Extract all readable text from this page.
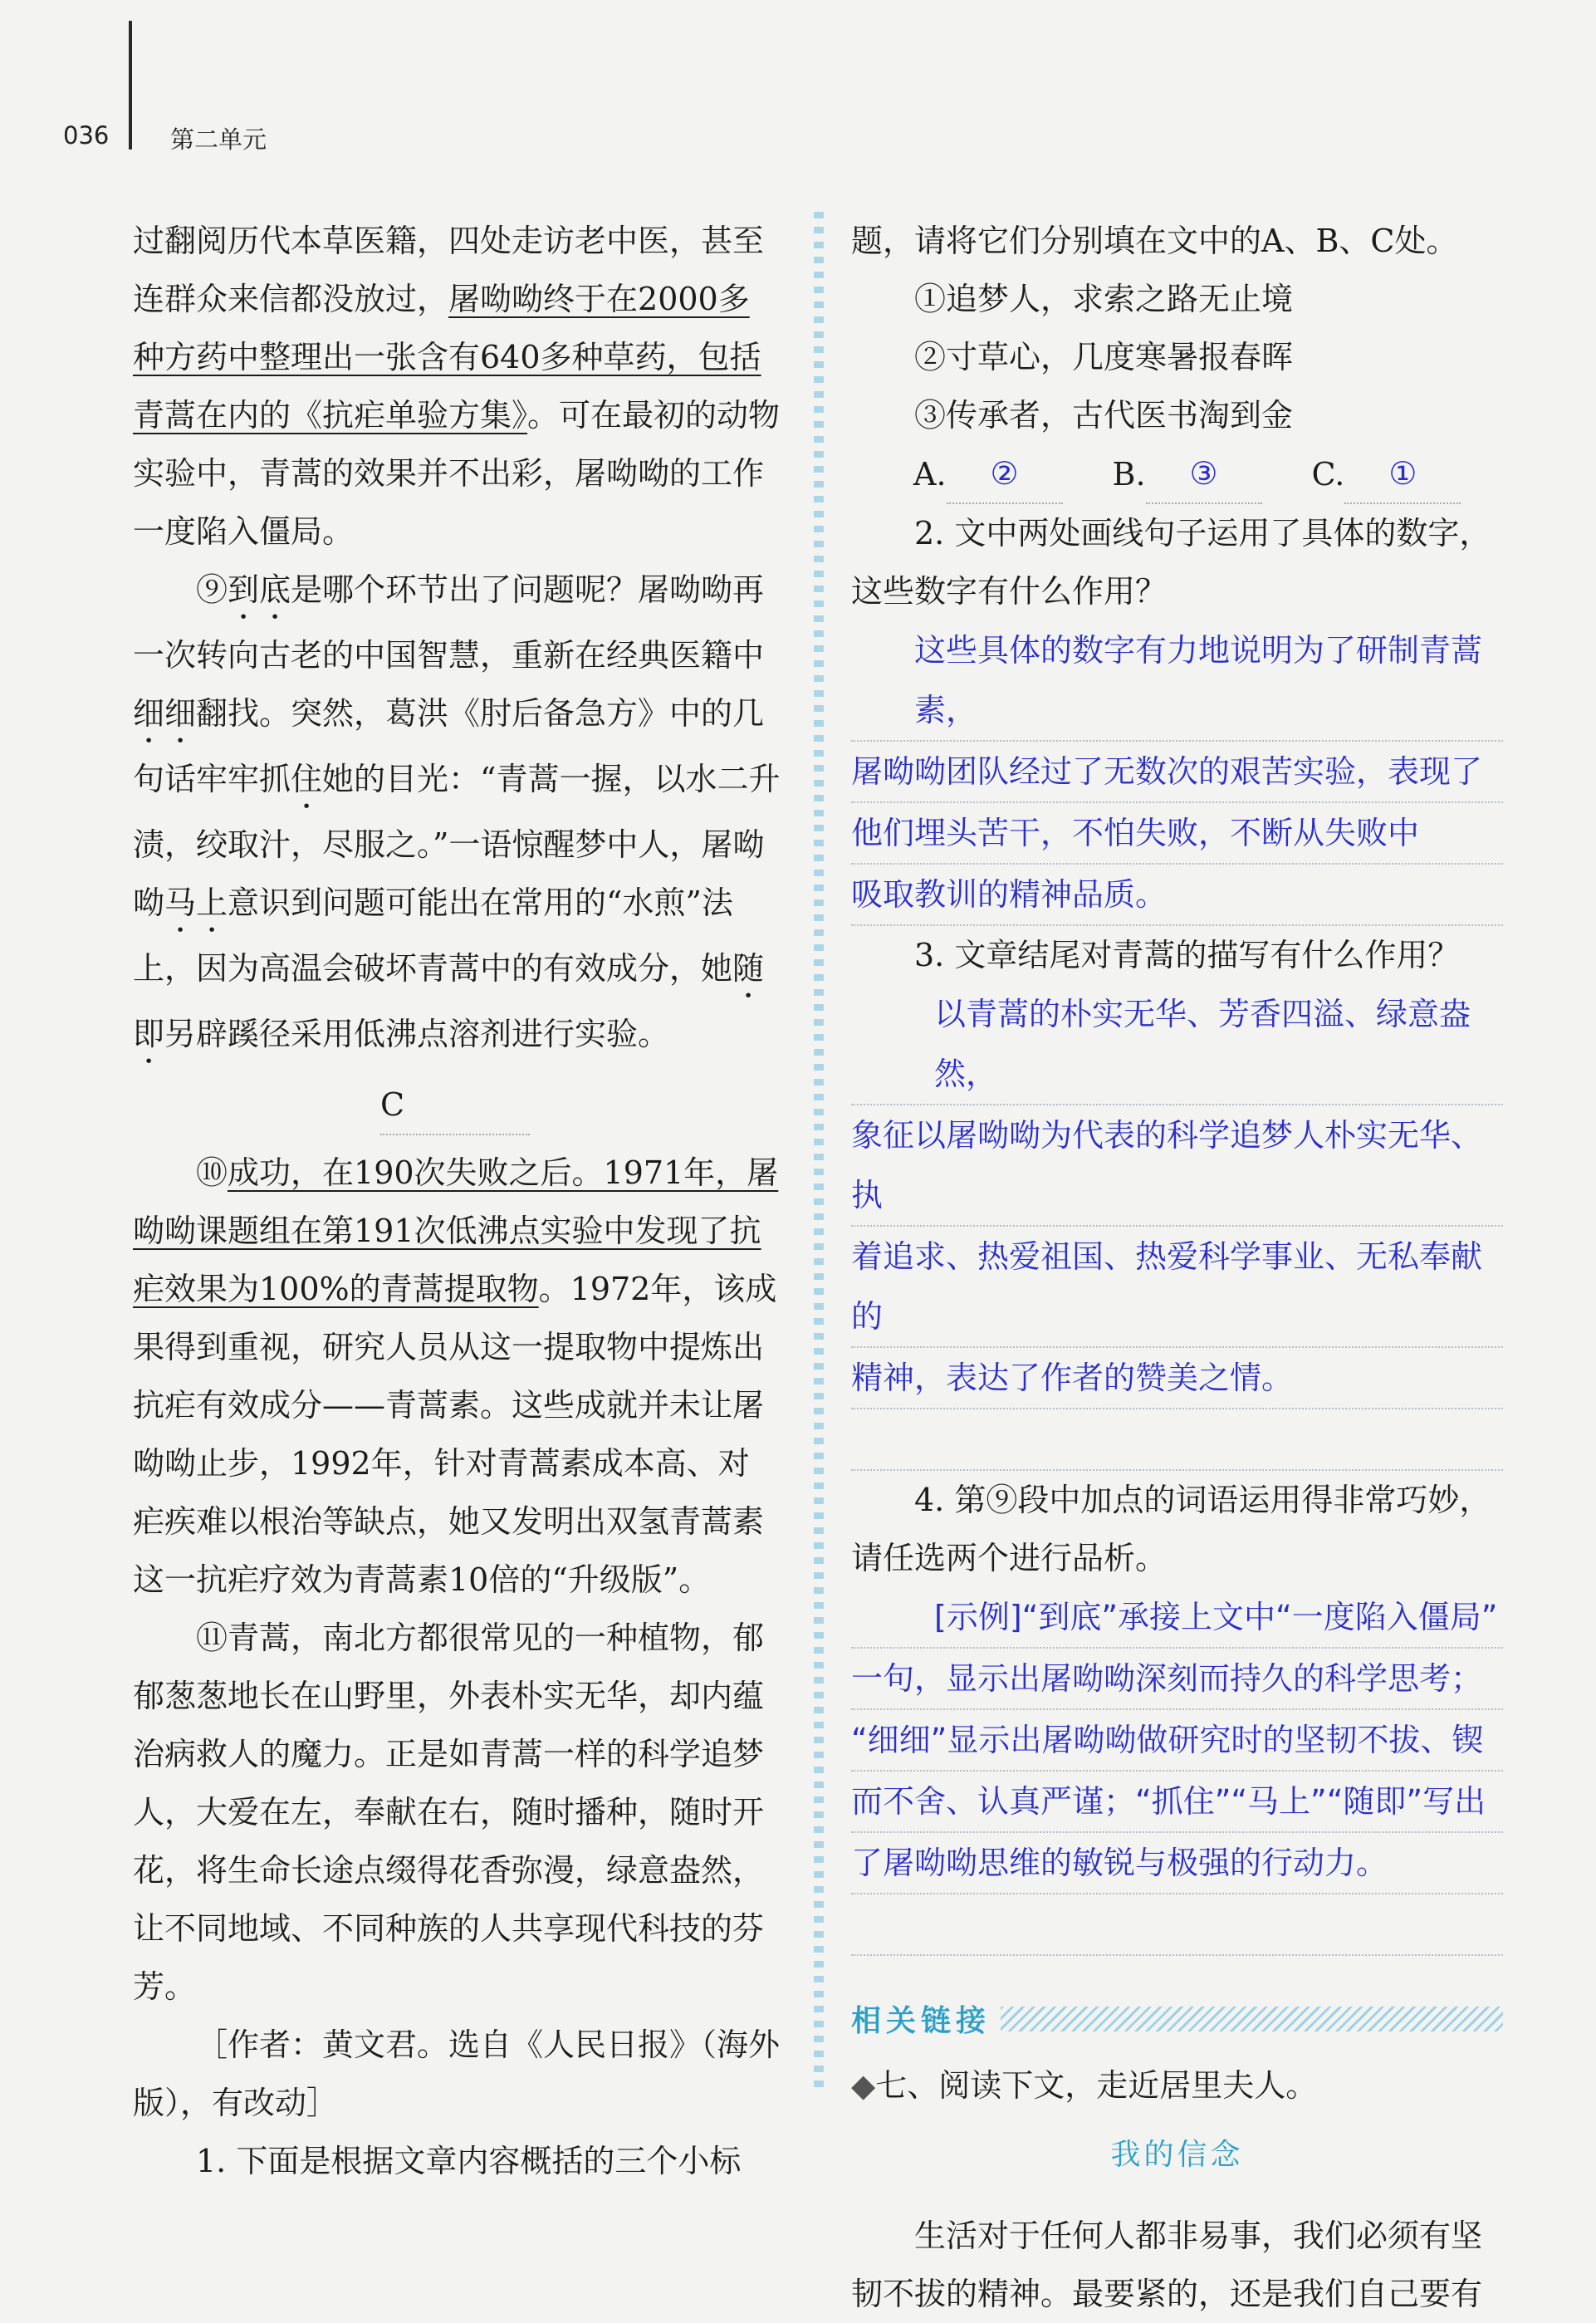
036	第二单元

过翻阅历代本草医籍，四处走访老中医，甚至连群众来信都没放过，屠呦呦终于在2000多种方药中整理出一张含有640多种草药，包括青蒿在内的《抗疟单验方集》。可在最初的动物实验中，青蒿的效果并不出彩，屠呦呦的工作一度陷入僵局。

⑨到底是哪个环节出了问题呢？屠呦呦再一次转向古老的中国智慧，重新在经典医籍中细细翻找。突然，葛洪《肘后备急方》中的几句话牢牢抓住她的目光：“青蒿一握，以水二升渍，绞取汁，尽服之。”一语惊醒梦中人，屠呦呦马上意识到问题可能出在常用的“水煎”法上，因为高温会破坏青蒿中的有效成分，她随即另辟蹊径采用低沸点溶剂进行实验。

C

⑩成功，在190次失败之后。1971年，屠呦呦课题组在第191次低沸点实验中发现了抗疟效果为100%的青蒿提取物。1972年，该成果得到重视，研究人员从这一提取物中提炼出抗疟有效成分——青蒿素。这些成就并未让屠呦呦止步，1992年，针对青蒿素成本高、对疟疾难以根治等缺点，她又发明出双氢青蒿素这一抗疟疗效为青蒿素10倍的“升级版”。

⑪青蒿，南北方都很常见的一种植物，郁郁葱葱地长在山野里，外表朴实无华，却内蕴治病救人的魔力。正是如青蒿一样的科学追梦人，大爱在左，奉献在右，随时播种，随时开花，将生命长途点缀得花香弥漫，绿意盎然，让不同地域、不同种族的人共享现代科技的芬芳。

［作者：黄文君。选自《人民日报》（海外版），有改动］

1. 下面是根据文章内容概括的三个小标

题，请将它们分别填在文中的A、B、C处。

①追梦人，求索之路无止境

②寸草心，几度寒暑报春晖

③传承者，古代医书淘到金

A.	②	B.	③	C.	①

2. 文中两处画线句子运用了具体的数字，这些数字有什么作用？

这些具体的数字有力地说明为了研制青蒿素，
屠呦呦团队经过了无数次的艰苦实验，表现了
他们埋头苦干，不怕失败，不断从失败中
吸取教训的精神品质。

3. 文章结尾对青蒿的描写有什么作用？

以青蒿的朴实无华、芳香四溢、绿意盎然，
象征以屠呦呦为代表的科学追梦人朴实无华、执
着追求、热爱祖国、热爱科学事业、无私奉献的
精神，表达了作者的赞美之情。

4. 第⑨段中加点的词语运用得非常巧妙，请任选两个进行品析。

[示例]“到底”承接上文中“一度陷入僵局”
一句，显示出屠呦呦深刻而持久的科学思考；
“细细”显示出屠呦呦做研究时的坚韧不拔、锲
而不舍、认真严谨；“抓住”“马上”“随即”写出
了屠呦呦思维的敏锐与极强的行动力。

相关链接

◆七、阅读下文，走近居里夫人。

我的信念

生活对于任何人都非易事，我们必须有坚韧不拔的精神。最要紧的，还是我们自己要有
